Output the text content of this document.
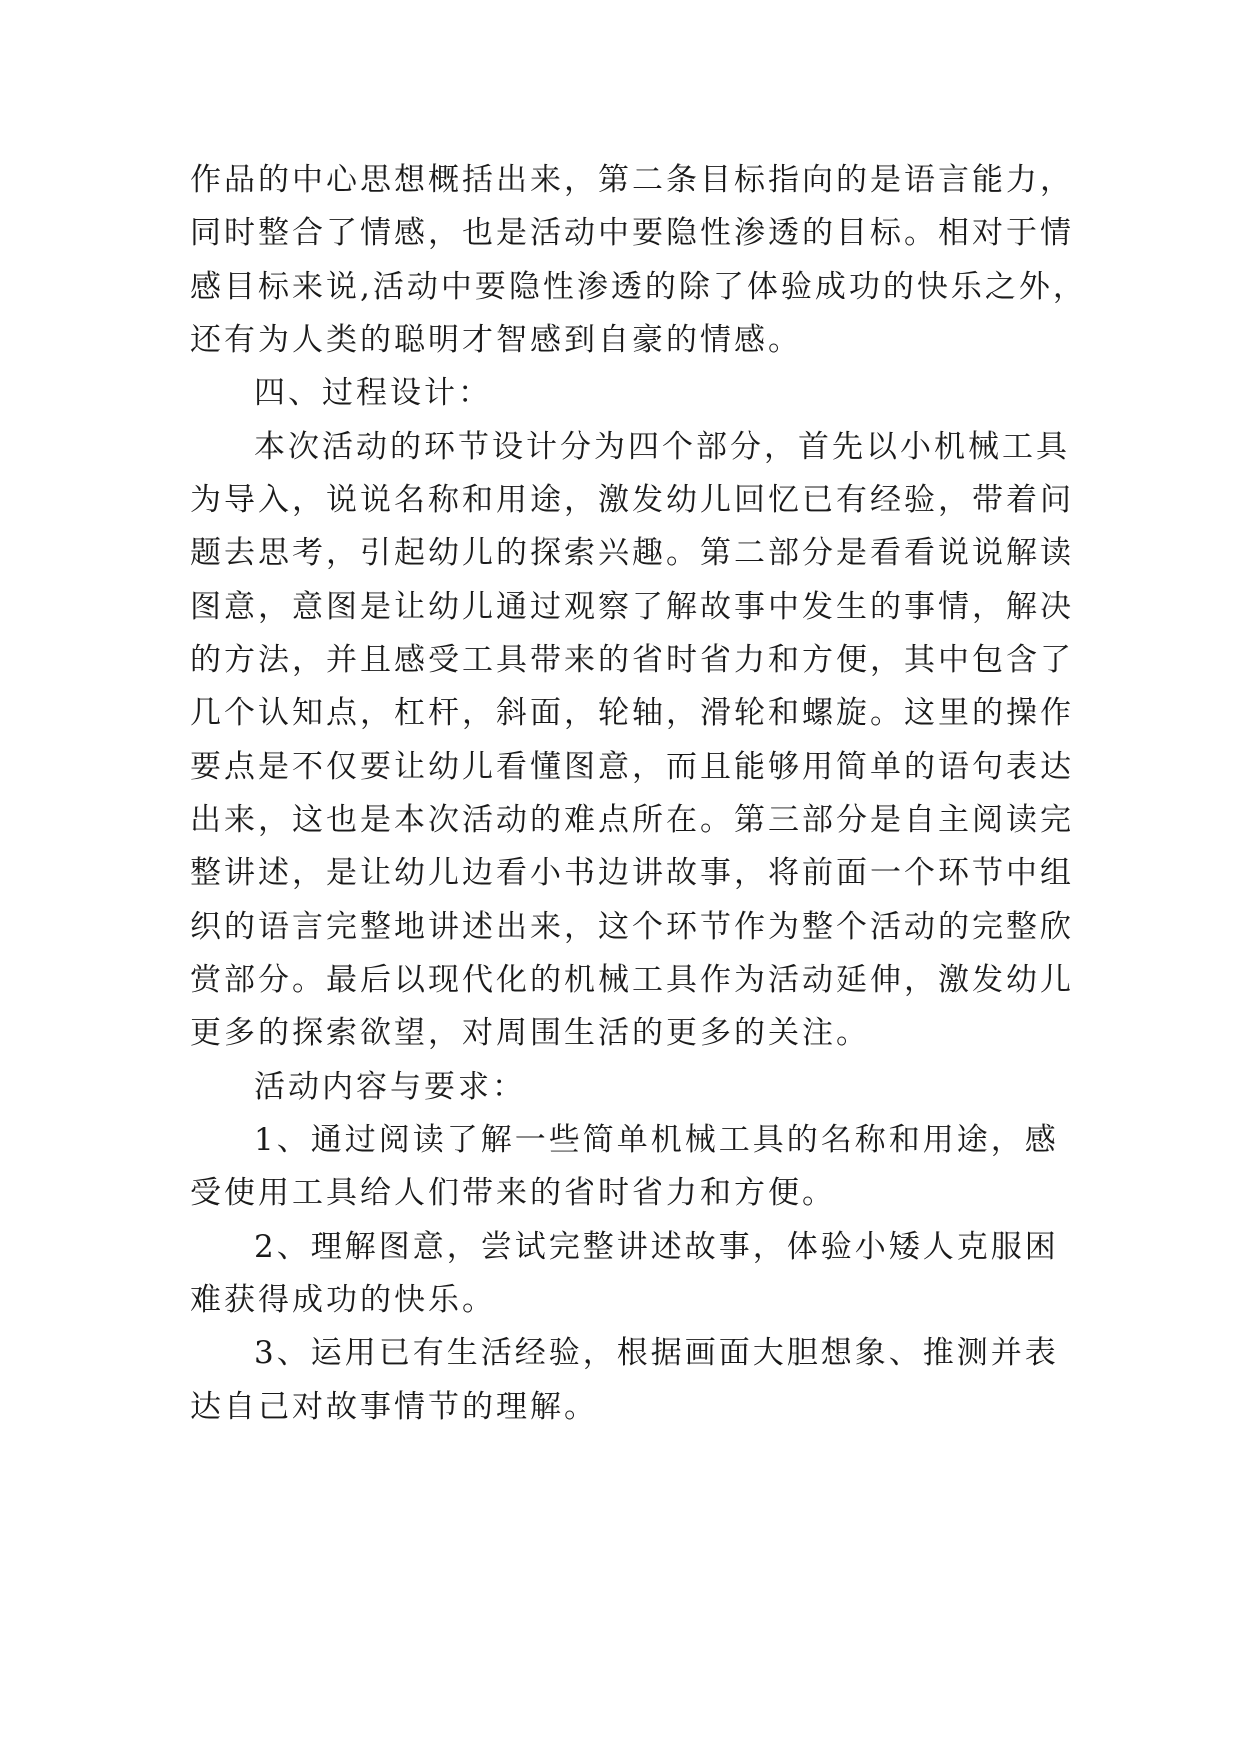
作品的中心思想概括出来，第二条目标指向的是语言能力，
同时整合了情感，也是活动中要隐性渗透的目标。相对于情
感目标来说,活动中要隐性渗透的除了体验成功的快乐之外，
还有为人类的聪明才智感到自豪的情感。
四、过程设计：
本次活动的环节设计分为四个部分，首先以小机械工具
为导入，说说名称和用途，激发幼儿回忆已有经验，带着问
题去思考，引起幼儿的探索兴趣。第二部分是看看说说解读
图意，意图是让幼儿通过观察了解故事中发生的事情，解决
的方法，并且感受工具带来的省时省力和方便，其中包含了
几个认知点，杠杆，斜面，轮轴，滑轮和螺旋。这里的操作
要点是不仅要让幼儿看懂图意，而且能够用简单的语句表达
出来，这也是本次活动的难点所在。第三部分是自主阅读完
整讲述，是让幼儿边看小书边讲故事，将前面一个环节中组
织的语言完整地讲述出来，这个环节作为整个活动的完整欣
赏部分。最后以现代化的机械工具作为活动延伸，激发幼儿
更多的探索欲望，对周围生活的更多的关注。
活动内容与要求：
1、通过阅读了解一些简单机械工具的名称和用途，感
受使用工具给人们带来的省时省力和方便。
2、理解图意，尝试完整讲述故事，体验小矮人克服困
难获得成功的快乐。
3、运用已有生活经验，根据画面大胆想象、推测并表
达自己对故事情节的理解。
